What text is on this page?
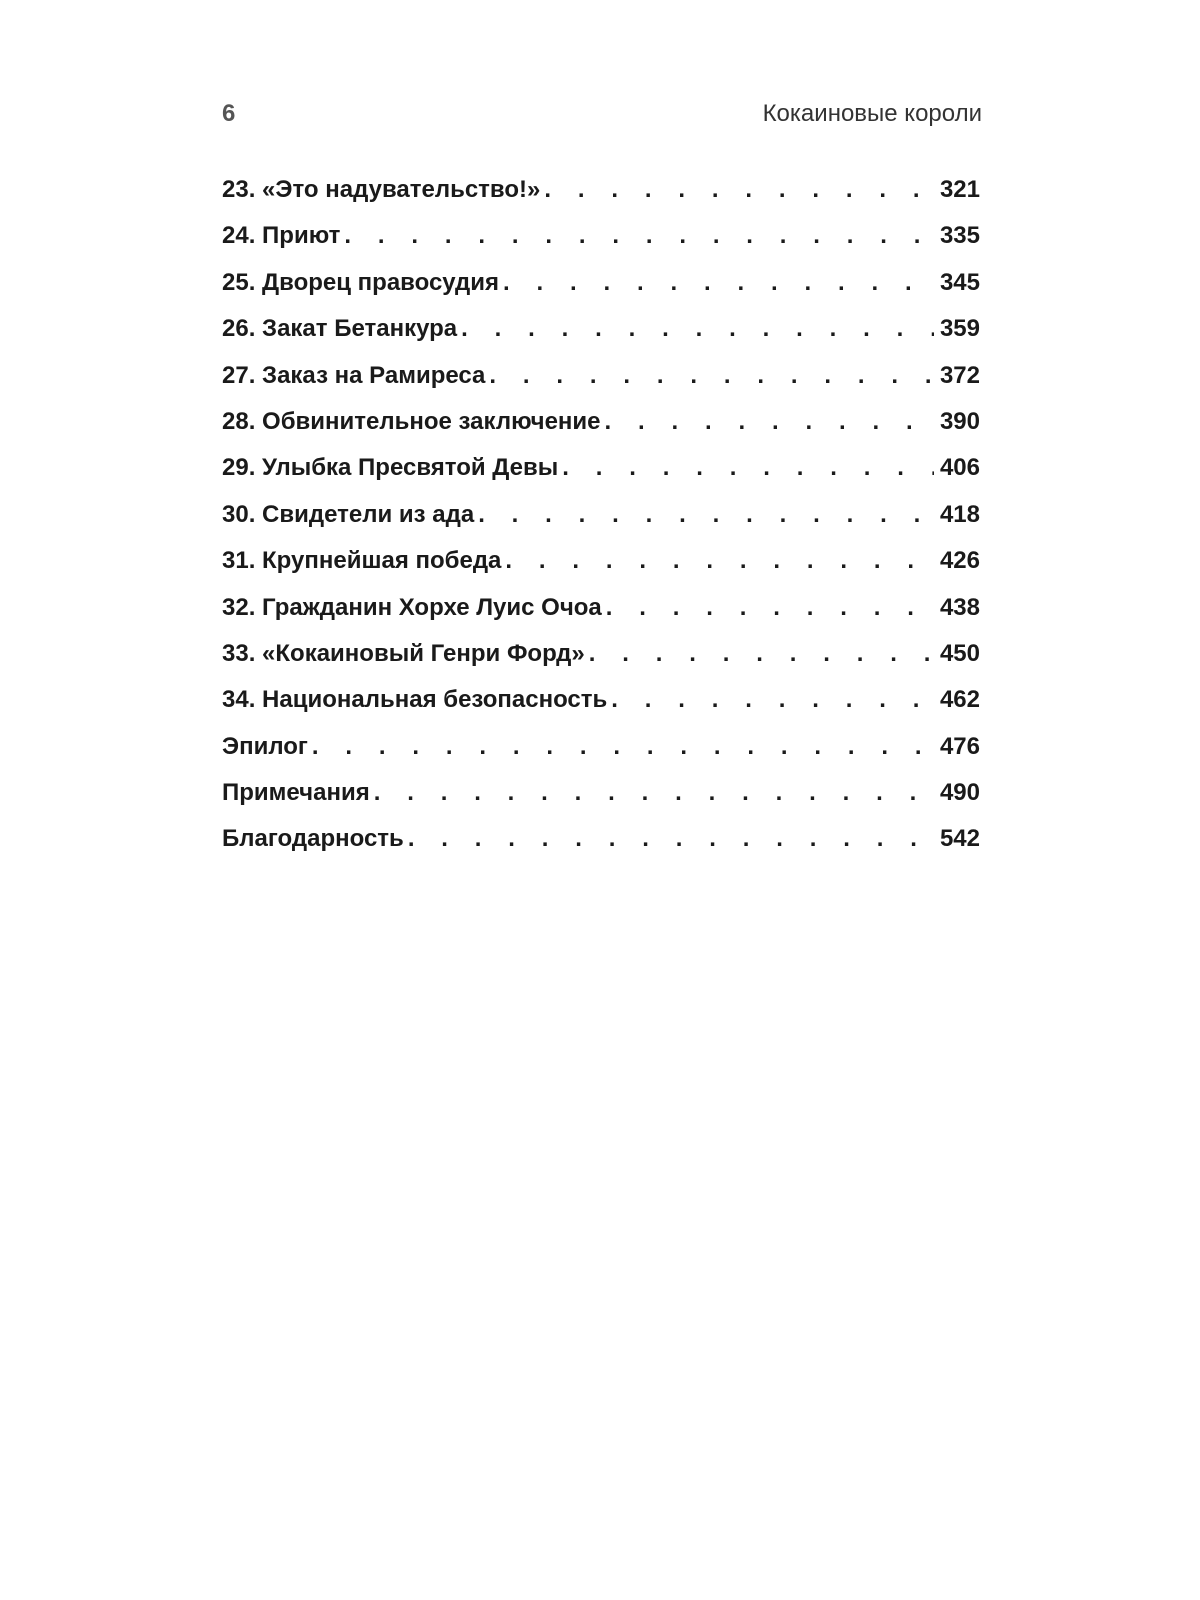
6	Кокаиновые короли
23. «Это надувательство!» . . .	321
24. Приют . . .	335
25. Дворец правосудия . . .	345
26. Закат Бетанкура . . .	359
27. Заказ на Рамиреса . . .	372
28. Обвинительное заключение . . .	390
29. Улыбка Пресвятой Девы . . .	406
30. Свидетели из ада . . .	418
31. Крупнейшая победа . . .	426
32. Гражданин Хорхе Луис Очоа . . .	438
33. «Кокаиновый Генри Форд» . . .	450
34. Национальная безопасность . . .	462
Эпилог . . .	476
Примечания . . .	490
Благодарность . . .	542
